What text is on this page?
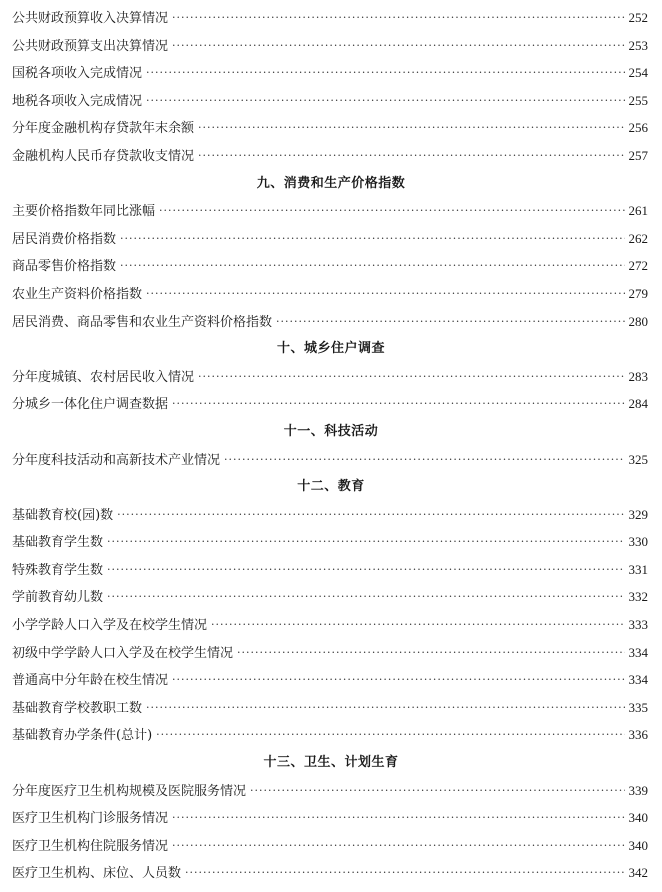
公共财政预算收入决算情况 ·····	252
公共财政预算支出决算情况 ·····	253
国税各项收入完成情况 ·····	254
地税各项收入完成情况 ·····	255
分年度金融机构存贷款年末余额 ·····	256
金融机构人民币存贷款收支情况 ·····	257
九、消费和生产价格指数
主要价格指数年同比涨幅 ·····	261
居民消费价格指数 ·····	262
商品零售价格指数 ·····	272
农业生产资料价格指数 ·····	279
居民消费、商品零售和农业生产资料价格指数 ·····	280
十、城乡住户调查
分年度城镇、农村居民收入情况 ·····	283
分城乡一体化住户调查数据 ·····	284
十一、科技活动
分年度科技活动和高新技术产业情况 ·····	325
十二、教育
基础教育校(园)数 ·····	329
基础教育学生数 ·····	330
特殊教育学生数 ·····	331
学前教育幼儿数 ·····	332
小学学龄人口入学及在校学生情况 ·····	333
初级中学学龄人口入学及在校学生情况 ·····	334
普通高中分年龄在校生情况 ·····	334
基础教育学校教职工数 ·····	335
基础教育办学条件(总计) ·····	336
十三、卫生、计划生育
分年度医疗卫生机构规模及医院服务情况 ·····	339
医疗卫生机构门诊服务情况 ·····	340
医疗卫生机构住院服务情况 ·····	340
医疗卫生机构、床位、人员数 ·····	342
